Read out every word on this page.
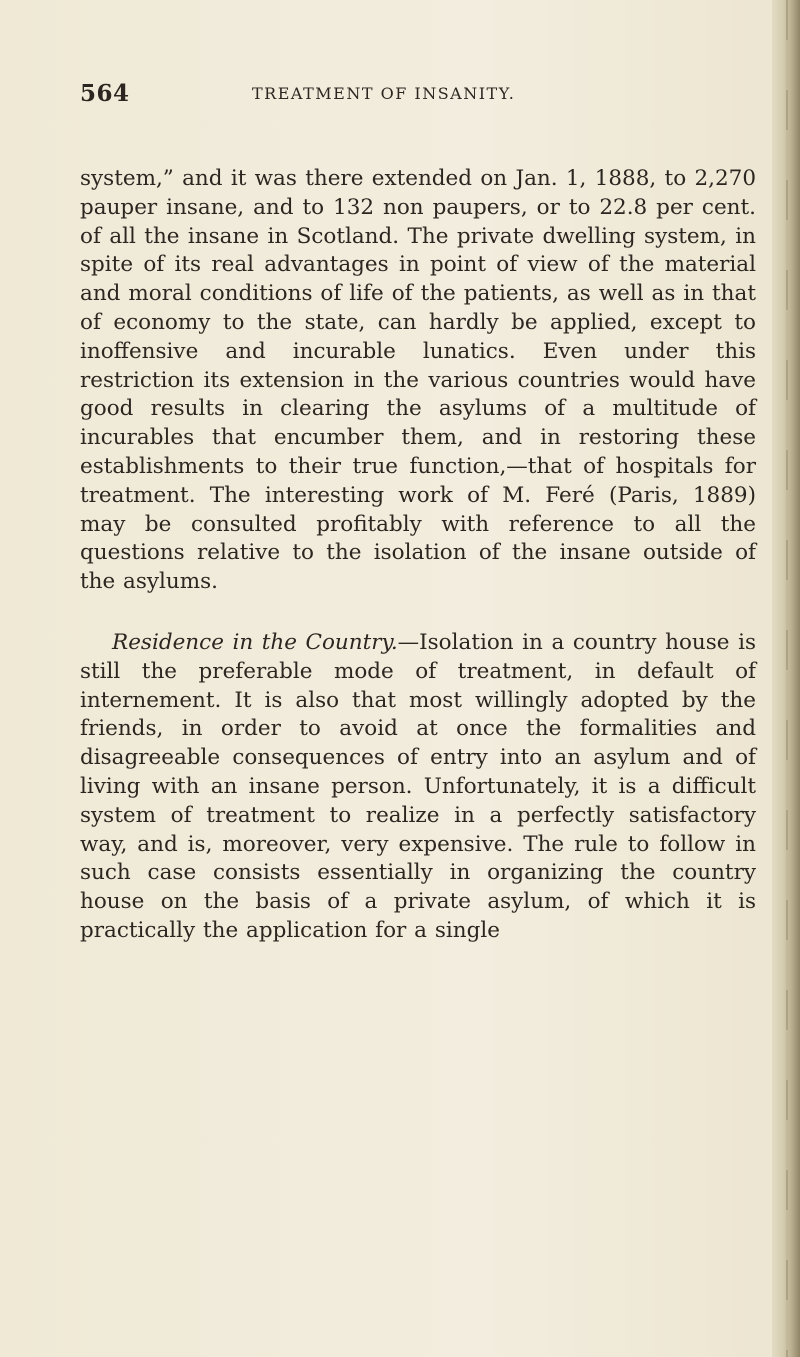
564	TREATMENT OF INSANITY.

system,” and it was there extended on Jan. 1, 1888, to 2,270 pauper insane, and to 132 non paupers, or to 22.8 per cent. of all the insane in Scotland. The private dwelling system, in spite of its real advantages in point of view of the material and moral conditions of life of the patients, as well as in that of economy to the state, can hardly be applied, except to inoffensive and incurable lunatics. Even under this restriction its extension in the various countries would have good results in clearing the asylums of a multitude of incurables that encumber them, and in restoring these establishments to their true function,—that of hospitals for treatment. The interesting work of M. Feré (Paris, 1889) may be consulted profitably with reference to all the questions relative to the isolation of the insane outside of the asylums.

Residence in the Country.—Isolation in a country house is still the preferable mode of treatment, in default of internement. It is also that most willingly adopted by the friends, in order to avoid at once the formalities and disagreeable consequences of entry into an asylum and of living with an insane person. Unfortunately, it is a difficult system of treatment to realize in a perfectly satisfactory way, and is, moreover, very expensive. The rule to follow in such case consists essentially in organizing the country house on the basis of a private asylum, of which it is practically the application for a single
